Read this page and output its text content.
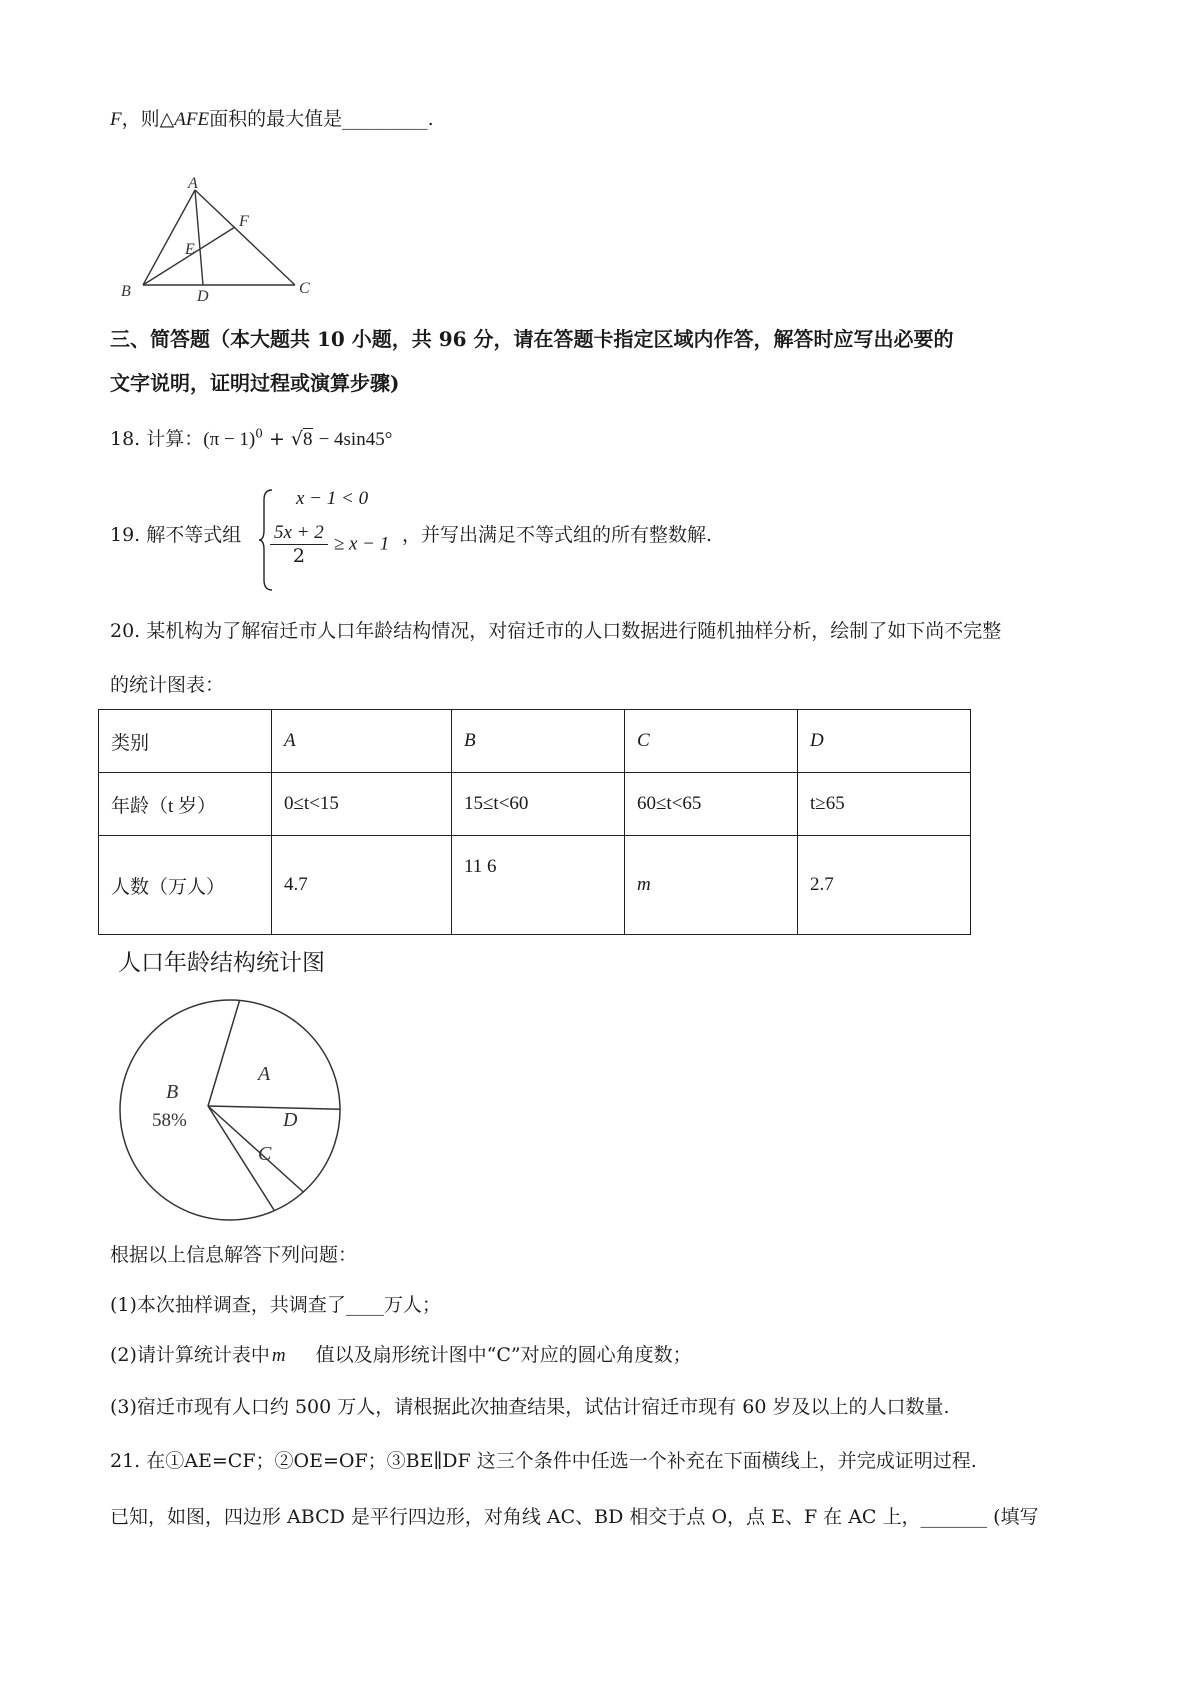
F，则△AFE面积的最大值是_________.
A
F
E
B	D	C
三、简答题（本大题共 10 小题，共 96 分，请在答题卡指定区域内作答，解答时应写出必要的
文字说明，证明过程或演算步骤)
18. 计算：$(\pi - 1)^0 + √8 - 4\sin 45^\circ$
19. 解不等式组
x − 1 < 0
$\frac{5x + 2}{2} \ge x - 1$ ，并写出满足不等式组的所有整数解.
20. 某机构为了解宿迁市人口年龄结构情况，对宿迁市的人口数据进行随机抽样分析，绘制了如下尚不完整
的统计图表：
类别	A	B	C	D
年龄（t 岁）	0≤t<15	15≤t<60	60≤t<65	t≥65
人数（万人）	4.7	11 6	m	2.7
人口年龄结构统计图
A
B
D
C
58%
根据以上信息解答下列问题：
(1)本次抽样调查，共调查了____万人；
(2)请计算统计表中 m 值以及扇形统计图中“C”对应的圆心角度数；
(3)宿迁市现有人口约 500 万人，请根据此次抽查结果，试估计宿迁市现有 60 岁及以上的人口数量.
21. 在①AE=CF；②OE=OF；③BE∥DF 这三个条件中任选一个补充在下面横线上，并完成证明过程.
已知，如图，四边形 ABCD 是平行四边形，对角线 AC、BD 相交于点 O，点 E、F 在 AC 上，_______ (填写
